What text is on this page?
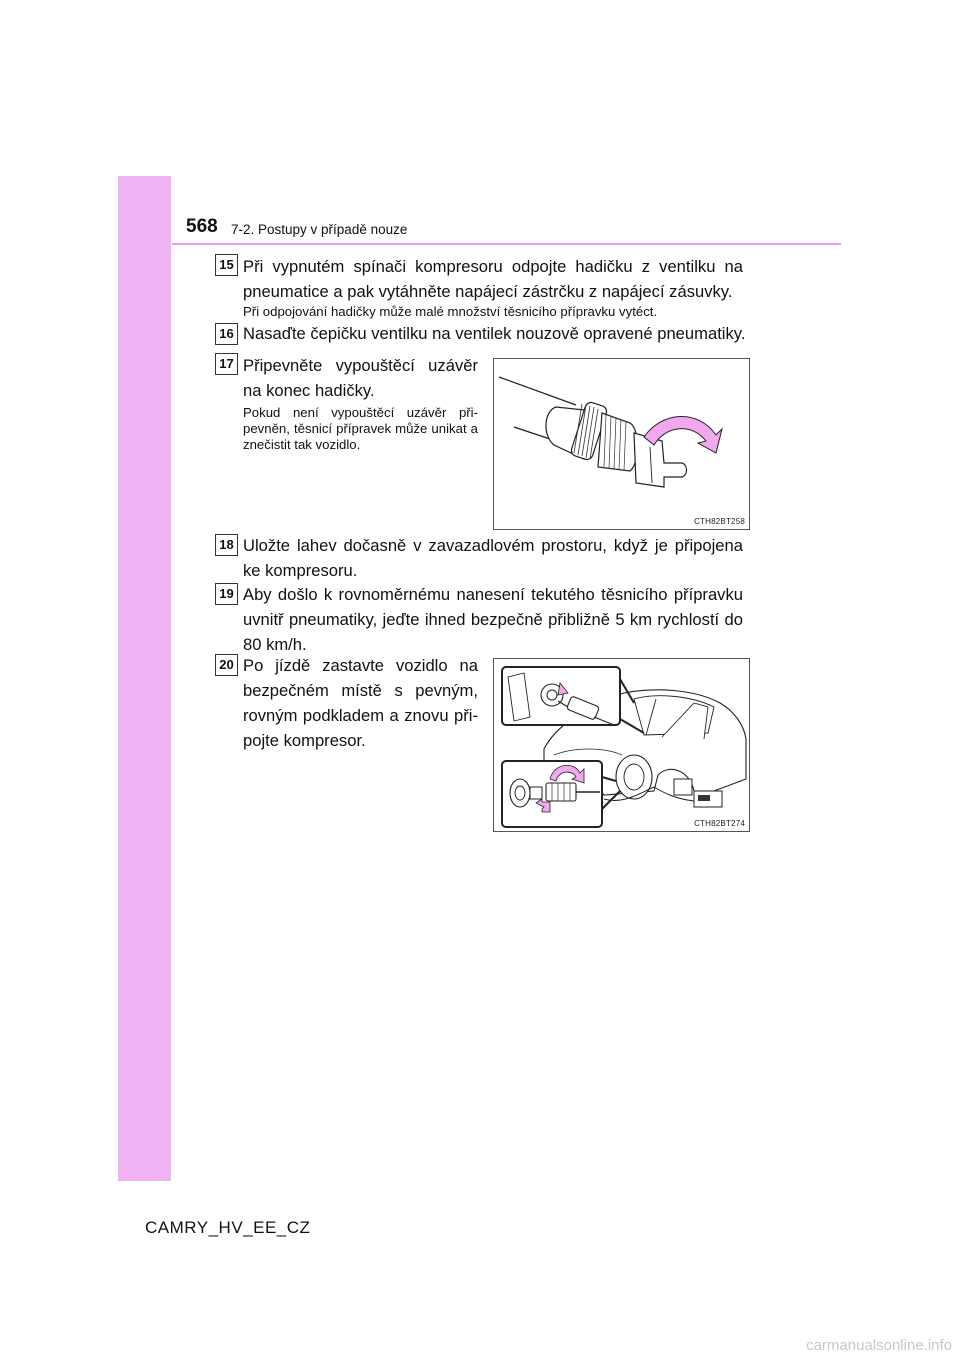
568 7-2. Postupy v případě nouze
15 Při vypnutém spínači kompresoru odpojte hadičku z ventilku na pneumatice a pak vytáhněte napájecí zástrčku z napájecí zásuvky.
Při odpojování hadičky může malé množství těsnicího přípravku vytéct.
16 Nasaďte čepičku ventilku na ventilek nouzově opravené pneumatiky.
17 Připevněte vypouštěcí uzávěr na konec hadičky.
Pokud není vypouštěcí uzávěr při- pevněn, těsnicí přípravek může unikat a znečistit tak vozidlo.
CTH82BT258
18 Uložte lahev dočasně v zavazadlovém prostoru, když je připojena ke kompresoru.
19 Aby došlo k rovnoměrnému nanesení tekutého těsnicího přípravku uvnitř pneumatiky, jeďte ihned bezpečně přibližně 5 km rychlostí do 80 km/h.
20 Po jízdě zastavte vozidlo na bezpečném místě s pevným, rovným podkladem a znovu při- pojte kompresor.
CTH82BT274
CAMRY_HV_EE_CZ
carmanualsonline.info
